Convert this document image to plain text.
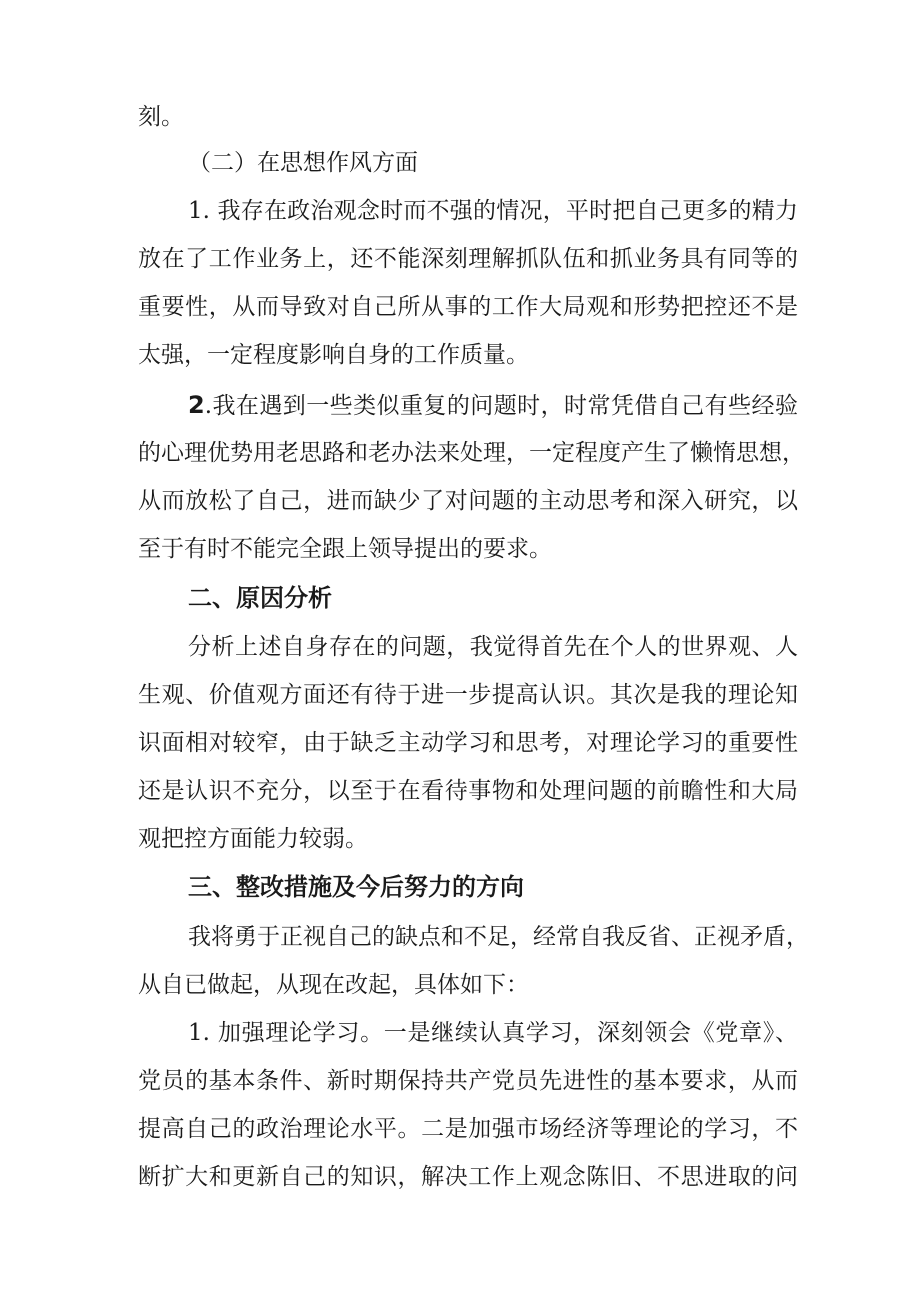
刻。
（二）在思想作风方面
1. 我存在政治观念时而不强的情况，平时把自己更多的精力
放在了工作业务上，还不能深刻理解抓队伍和抓业务具有同等的
重要性，从而导致对自己所从事的工作大局观和形势把控还不是
太强，一定程度影响自身的工作质量。
2.我在遇到一些类似重复的问题时，时常凭借自己有些经验
的心理优势用老思路和老办法来处理，一定程度产生了懒惰思想，
从而放松了自己，进而缺少了对问题的主动思考和深入研究，以
至于有时不能完全跟上领导提出的要求。
二、原因分析
分析上述自身存在的问题，我觉得首先在个人的世界观、人
生观、价值观方面还有待于进一步提高认识。其次是我的理论知
识面相对较窄，由于缺乏主动学习和思考，对理论学习的重要性
还是认识不充分，以至于在看待事物和处理问题的前瞻性和大局
观把控方面能力较弱。
三、整改措施及今后努力的方向
我将勇于正视自己的缺点和不足，经常自我反省、正视矛盾，
从自已做起，从现在改起，具体如下：
1. 加强理论学习。一是继续认真学习，深刻领会《党章》、
党员的基本条件、新时期保持共产党员先进性的基本要求，从而
提高自己的政治理论水平。二是加强市场经济等理论的学习，不
断扩大和更新自己的知识，解决工作上观念陈旧、不思进取的问
